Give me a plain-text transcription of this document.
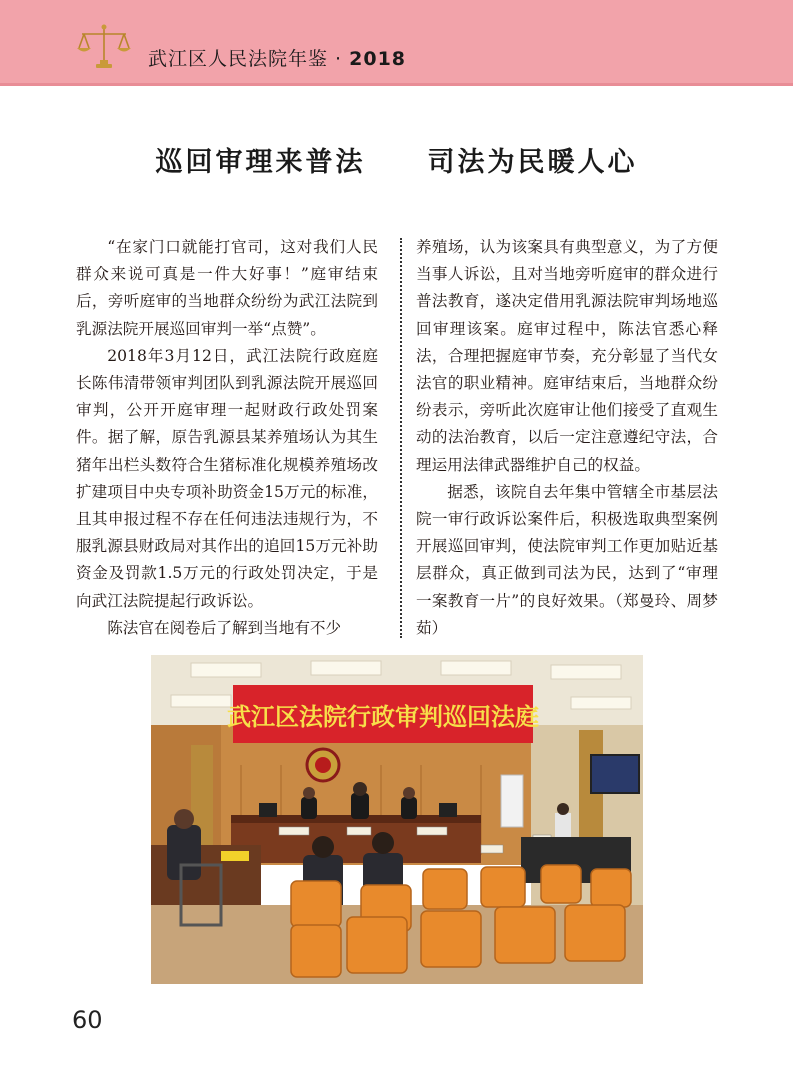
武江区人民法院年鉴 · 2018
巡回审理来普法 司法为民暖人心

“在家门口就能打官司，这对我们人民群众来说可真是一件大好事！”庭审结束后，旁听庭审的当地群众纷纷为武江法院到乳源法院开展巡回审判一举“点赞”。

2018年3月12日，武江法院行政庭庭长陈伟清带领审判团队到乳源法院开展巡回审判，公开开庭审理一起财政行政处罚案件。据了解，原告乳源县某养殖场认为其生猪年出栏头数符合生猪标准化规模养殖场改扩建项目中央专项补助资金15万元的标准，且其申报过程不存在任何违法违规行为，不服乳源县财政局对其作出的追回15万元补助资金及罚款1.5万元的行政处罚决定，于是向武江法院提起行政诉讼。

陈法官在阅卷后了解到当地有不少

养殖场，认为该案具有典型意义，为了方便当事人诉讼，且对当地旁听庭审的群众进行普法教育，遂决定借用乳源法院审判场地巡回审理该案。庭审过程中，陈法官悉心释法，合理把握庭审节奏，充分彰显了当代女法官的职业精神。庭审结束后，当地群众纷纷表示，旁听此次庭审让他们接受了直观生动的法治教育，以后一定注意遵纪守法，合理运用法律武器维护自己的权益。

据悉，该院自去年集中管辖全市基层法院一审行政诉讼案件后，积极选取典型案例开展巡回审判，使法院审判工作更加贴近基层群众，真正做到司法为民，达到了“审理一案教育一片”的良好效果。（郑曼玲、周梦茹）

武江区法院行政审判巡回法庭
60
